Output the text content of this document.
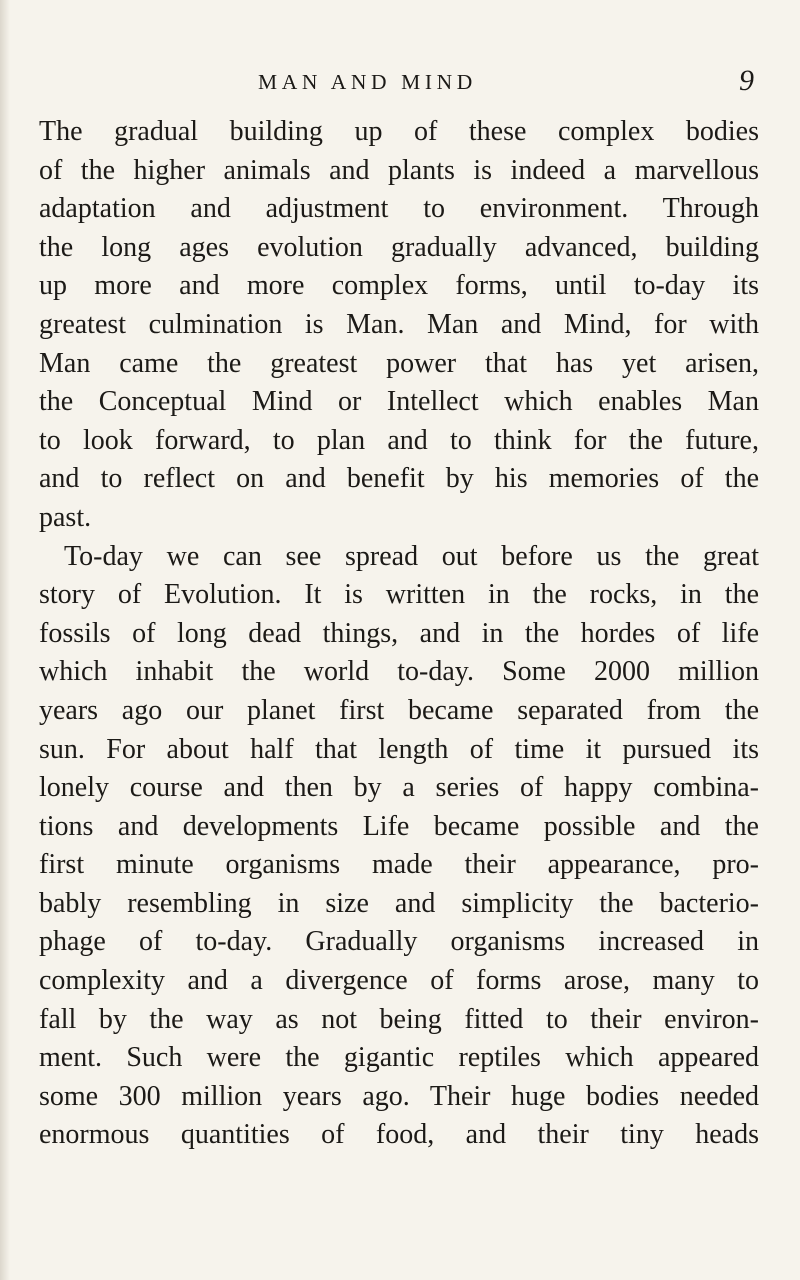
MAN AND MIND	9
The gradual building up of these complex bodies
of the higher animals and plants is indeed a marvellous
adaptation and adjustment to environment. Through
the long ages evolution gradually advanced, building
up more and more complex forms, until to-day its
greatest culmination is Man. Man and Mind, for with
Man came the greatest power that has yet arisen,
the Conceptual Mind or Intellect which enables Man
to look forward, to plan and to think for the future,
and to reflect on and benefit by his memories of the
past.
To-day we can see spread out before us the great
story of Evolution. It is written in the rocks, in the
fossils of long dead things, and in the hordes of life
which inhabit the world to-day. Some 2000 million
years ago our planet first became separated from the
sun. For about half that length of time it pursued its
lonely course and then by a series of happy combina-
tions and developments Life became possible and the
first minute organisms made their appearance, pro-
bably resembling in size and simplicity the bacterio-
phage of to-day. Gradually organisms increased in
complexity and a divergence of forms arose, many to
fall by the way as not being fitted to their environ-
ment. Such were the gigantic reptiles which appeared
some 300 million years ago. Their huge bodies needed
enormous quantities of food, and their tiny heads
